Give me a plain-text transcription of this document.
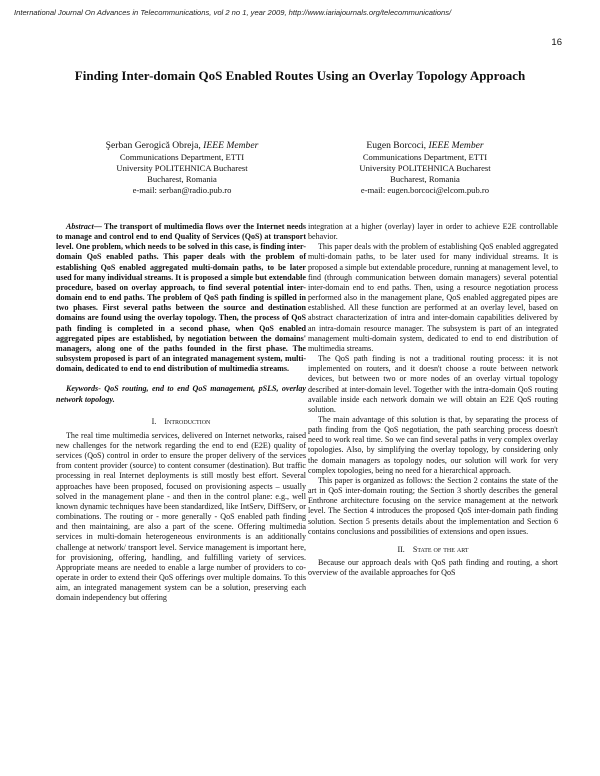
International Journal On Advances in Telecommunications, vol 2 no 1, year 2009, http://www.iariajournals.org/telecommunications/
16
Finding Inter-domain QoS Enabled Routes Using an Overlay Topology Approach
Şerban Gerogică Obreja, IEEE Member
Communications Department, ETTI
University POLITEHNICA Bucharest
Bucharest, Romania
e-mail: serban@radio.pub.ro
Eugen Borcoci, IEEE Member
Communications Department, ETTI
University POLITEHNICA Bucharest
Bucharest, Romania
e-mail: eugen.borcoci@elcom.pub.ro

Abstract— The transport of multimedia flows over the Internet needs to manage and control end to end Quality of Services (QoS) at transport level. One problem, which needs to be solved in this case, is finding inter-domain QoS enabled paths. This paper deals with the problem of establishing QoS enabled aggregated multi-domain paths, to be later used for many individual streams. It is proposed a simple but extendable procedure, based on overlay approach, to find several potential inter-domain end to end paths. The problem of QoS path finding is spilled in two phases. First several paths between the source and destination domains are found using the overlay topology. Then, the process of QoS path finding is completed in a second phase, when QoS enabled aggregated pipes are established, by negotiation between the domains' managers, along one of the paths founded in the first phase. The subsystem proposed is part of an integrated management system, multi-domain, dedicated to end to end distribution of multimedia streams.

Keywords- QoS routing, end to end QoS management, pSLS, overlay network topology.

I. Introduction

The real time multimedia services, delivered on Internet networks, raised new challenges for the network regarding the end to end (E2E) quality of services (QoS) control in order to ensure the proper delivery of the services from content provider (source) to content consumer (destination). But traffic processing in real Internet deployments is still mostly best effort. Several approaches have been proposed, focused on provisioning aspects – usually solved in the management plane - and then in the control plane: e.g., well known dynamic techniques have been standardized, like IntServ, DiffServ, or combinations. The routing or - more generally - QoS enabled path finding and then maintaining, are also a part of the scene. Offering multimedia services in multi-domain heterogeneous environments is an additionally challenge at network/ transport level. Service management is important here, for provisioning, offering, handling, and fulfilling variety of services. Appropriate means are needed to enable a large number of providers to co-operate in order to extend their QoS offerings over multiple domains. To this aim, an integrated management system can be a solution, preserving each domain independency but offering

integration at a higher (overlay) layer in order to achieve E2E controllable behavior.

This paper deals with the problem of establishing QoS enabled aggregated multi-domain paths, to be later used for many individual streams. It is proposed a simple but extendable procedure, running at management level, to find (through communication between domain managers) several potential inter-domain end to end paths. Then, using a resource negotiation process performed also in the management plane, QoS enabled aggregated pipes are established. All these function are performed at an overlay level, based on abstract characterization of intra and inter-domain capabilities delivered by an intra-domain resource manager. The subsystem is part of an integrated management multi-domain system, dedicated to end to end distribution of multimedia streams.

The QoS path finding is not a traditional routing process: it is not implemented on routers, and it doesn't choose a route between network devices, but between two or more nodes of an overlay virtual topology described at inter-domain level. Together with the intra-domain QoS routing available inside each network domain we will obtain an E2E QoS routing solution.

The main advantage of this solution is that, by separating the process of path finding from the QoS negotiation, the path searching process doesn't need to work real time. So we can find several paths in very complex overlay topologies. Also, by simplifying the overlay topology, by considering only the domain managers as topology nodes, our solution will work for very complex topologies, being no need for a hierarchical approach.

This paper is organized as follows: the Section 2 contains the state of the art in QoS inter-domain routing; the Section 3 shortly describes the general Enthrone architecture focusing on the service management at the network level. The Section 4 introduces the proposed QoS inter-domain path finding solution. Section 5 presents details about the implementation and Section 6 contains conclusions and possibilities of extensions and open issues.

II. State of the art

Because our approach deals with QoS path finding and routing, a short overview of the available approaches for QoS
